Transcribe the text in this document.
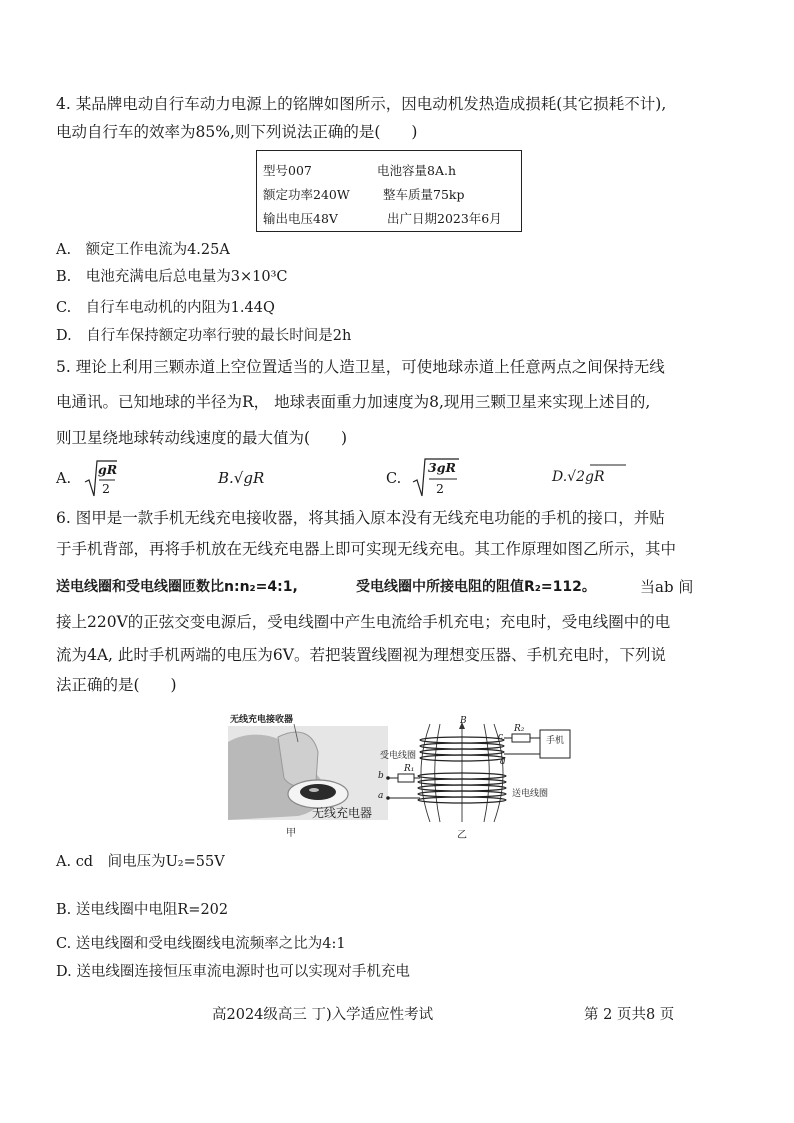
4. 某品牌电动自行车动力电源上的铭牌如图所示，因电动机发热造成损耗(其它损耗不计),
电动自行车的效率为85%,则下列说法正确的是(　　)
型号007	电池容量8A.h
额定功率240W	整车质量75kp
输出电压48V	出广日期2023年6月
A.　额定工作电流为4.25A
B.　电池充满电后总电量为3×10³C
C.　自行车电动机的内阻为1.44Q
D.　自行车保持额定功率行驶的最长时间是2h
5. 理论上利用三颗赤道上空位置适当的人造卫星，可使地球赤道上任意两点之间保持无线
电通讯。已知地球的半径为R， 地球表面重力加速度为8,现用三颗卫星来实现上述目的,
则卫星绕地球转动线速度的最大值为(　　)
A.
gR
2
B.√gR	C.
3gR
2
D.√2gR
6. 图甲是一款手机无线充电接收器，将其插入原本没有无线充电功能的手机的接口，并贴
于手机背部，再将手机放在无线充电器上即可实现无线充电。其工作原理如图乙所示，其中
送电线圈和受电线圈匝数比n:n₂=4:1,	受电线圈中所接电阻的阻值R₂=112。	当ab 间
接上220V的正弦交变电源后，受电线圈中产生电流给手机充电；充电时，受电线圈中的电
流为4A, 此时手机两端的电压为6V。若把装置线圈视为理想变压器、手机充电时，下列说
法正确的是(　　)
无线充电接收器
无线充电器
甲
B
R₂
R₁
手机
受电线圈
送电线圈
b
a
c
d
乙
A. cd　间电压为U₂=55V
B. 送电线圈中电阻R=202
C. 送电线圈和受电线圈线电流频率之比为4:1
D. 送电线圈连接恒压車流电源时也可以实现对手机充电
高2024级高三 丁)入学适应性考试	第 2 页共8 页
